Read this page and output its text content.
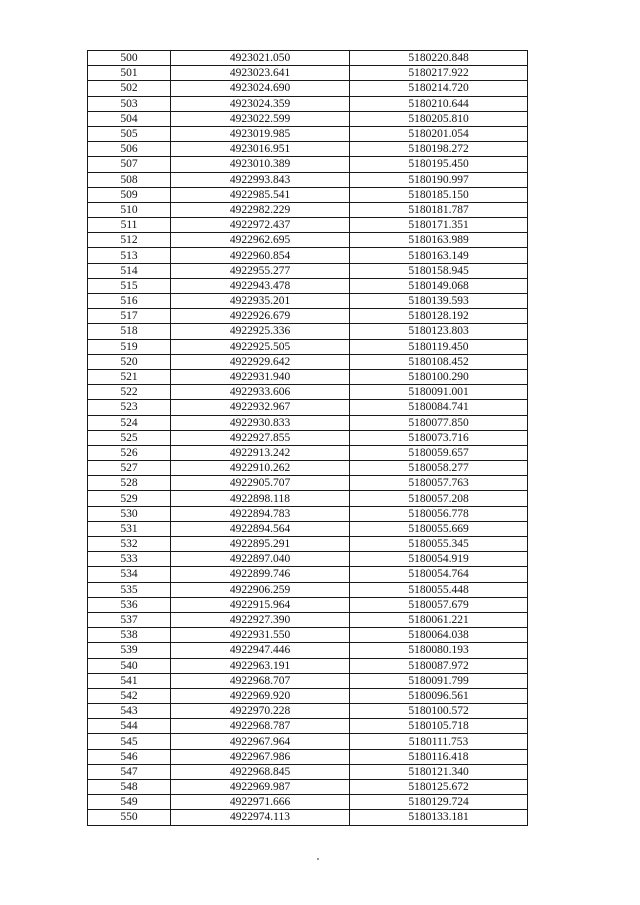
500	4923021.050	5180220.848
501	4923023.641	5180217.922
502	4923024.690	5180214.720
503	4923024.359	5180210.644
504	4923022.599	5180205.810
505	4923019.985	5180201.054
506	4923016.951	5180198.272
507	4923010.389	5180195.450
508	4922993.843	5180190.997
509	4922985.541	5180185.150
510	4922982.229	5180181.787
511	4922972.437	5180171.351
512	4922962.695	5180163.989
513	4922960.854	5180163.149
514	4922955.277	5180158.945
515	4922943.478	5180149.068
516	4922935.201	5180139.593
517	4922926.679	5180128.192
518	4922925.336	5180123.803
519	4922925.505	5180119.450
520	4922929.642	5180108.452
521	4922931.940	5180100.290
522	4922933.606	5180091.001
523	4922932.967	5180084.741
524	4922930.833	5180077.850
525	4922927.855	5180073.716
526	4922913.242	5180059.657
527	4922910.262	5180058.277
528	4922905.707	5180057.763
529	4922898.118	5180057.208
530	4922894.783	5180056.778
531	4922894.564	5180055.669
532	4922895.291	5180055.345
533	4922897.040	5180054.919
534	4922899.746	5180054.764
535	4922906.259	5180055.448
536	4922915.964	5180057.679
537	4922927.390	5180061.221
538	4922931.550	5180064.038
539	4922947.446	5180080.193
540	4922963.191	5180087.972
541	4922968.707	5180091.799
542	4922969.920	5180096.561
543	4922970.228	5180100.572
544	4922968.787	5180105.718
545	4922967.964	5180111.753
546	4922967.986	5180116.418
547	4922968.845	5180121.340
548	4922969.987	5180125.672
549	4922971.666	5180129.724
550	4922974.113	5180133.181
